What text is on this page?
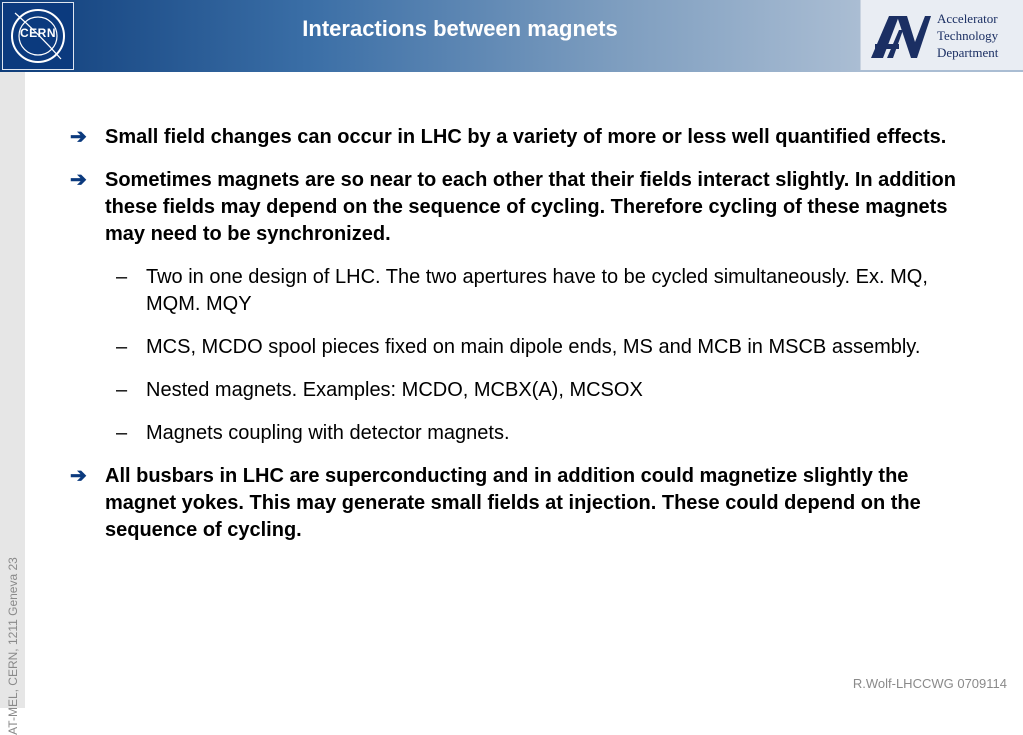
CERN	Interactions between magnets	Accelerator
Technology
Department
AT-MEL, CERN, 1211 Geneva 23
➔ Small field changes can occur in LHC by a variety of more or less well quantified effects.
➔ Sometimes magnets are so near to each other that their fields interact slightly. In addition these fields may depend on the sequence of cycling. Therefore cycling of these magnets may need to be synchronized.
– Two in one design of LHC. The two apertures have to be cycled simultaneously. Ex. MQ, MQM. MQY
– MCS, MCDO spool pieces fixed on main dipole ends, MS and MCB in MSCB assembly.
– Nested magnets. Examples: MCDO, MCBX(A), MCSOX
– Magnets coupling with detector magnets.
➔ All busbars in LHC are superconducting and in addition could magnetize slightly the magnet yokes. This may generate small fields at injection. These could depend on the sequence of cycling.
R.Wolf-LHCCWG 0709114
